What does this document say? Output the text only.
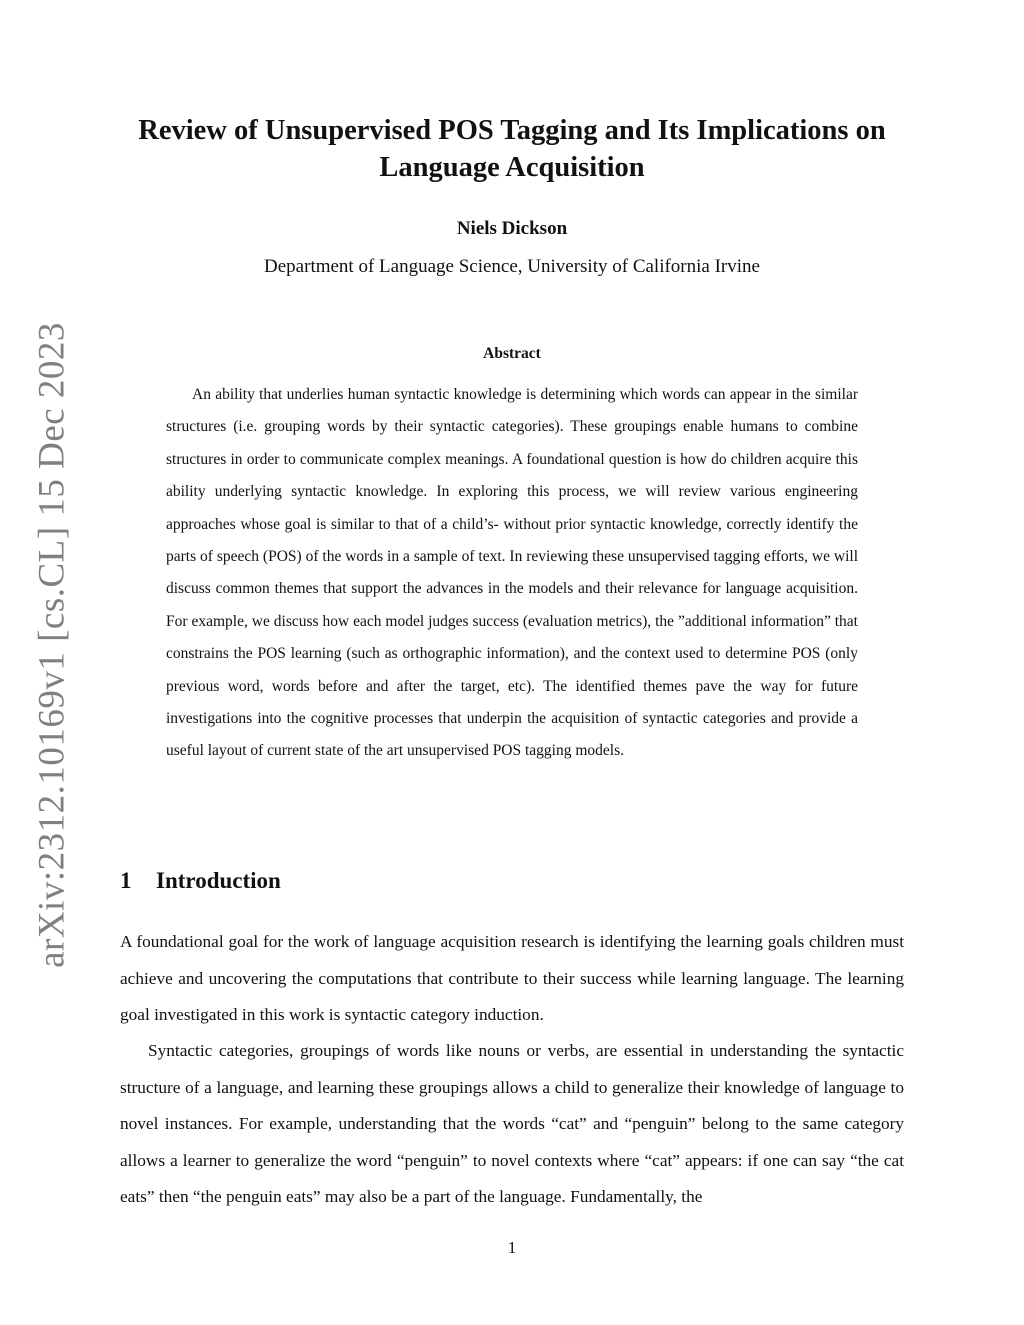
arXiv:2312.10169v1 [cs.CL] 15 Dec 2023
Review of Unsupervised POS Tagging and Its Implications on Language Acquisition

Niels Dickson

Department of Language Science, University of California Irvine

Abstract

An ability that underlies human syntactic knowledge is determining which words can appear in the similar structures (i.e. grouping words by their syntactic categories). These groupings enable humans to combine structures in order to communicate complex meanings. A foundational question is how do children acquire this ability underlying syntactic knowledge. In exploring this process, we will review various engineering approaches whose goal is similar to that of a child’s- without prior syntactic knowledge, correctly identify the parts of speech (POS) of the words in a sample of text. In reviewing these unsupervised tagging efforts, we will discuss common themes that support the advances in the models and their relevance for language acquisition. For example, we discuss how each model judges success (evaluation metrics), the ”additional information” that constrains the POS learning (such as orthographic information), and the context used to determine POS (only previous word, words before and after the target, etc). The identified themes pave the way for future investigations into the cognitive processes that underpin the acquisition of syntactic categories and provide a useful layout of current state of the art unsupervised POS tagging models.

1 Introduction

A foundational goal for the work of language acquisition research is identifying the learning goals children must achieve and uncovering the computations that contribute to their success while learning language. The learning goal investigated in this work is syntactic category induction.

Syntactic categories, groupings of words like nouns or verbs, are essential in understanding the syntactic structure of a language, and learning these groupings allows a child to generalize their knowledge of language to novel instances. For example, understanding that the words “cat” and “penguin” belong to the same category allows a learner to generalize the word “penguin” to novel contexts where “cat” appears: if one can say “the cat eats” then “the penguin eats” may also be a part of the language. Fundamentally, the

1
